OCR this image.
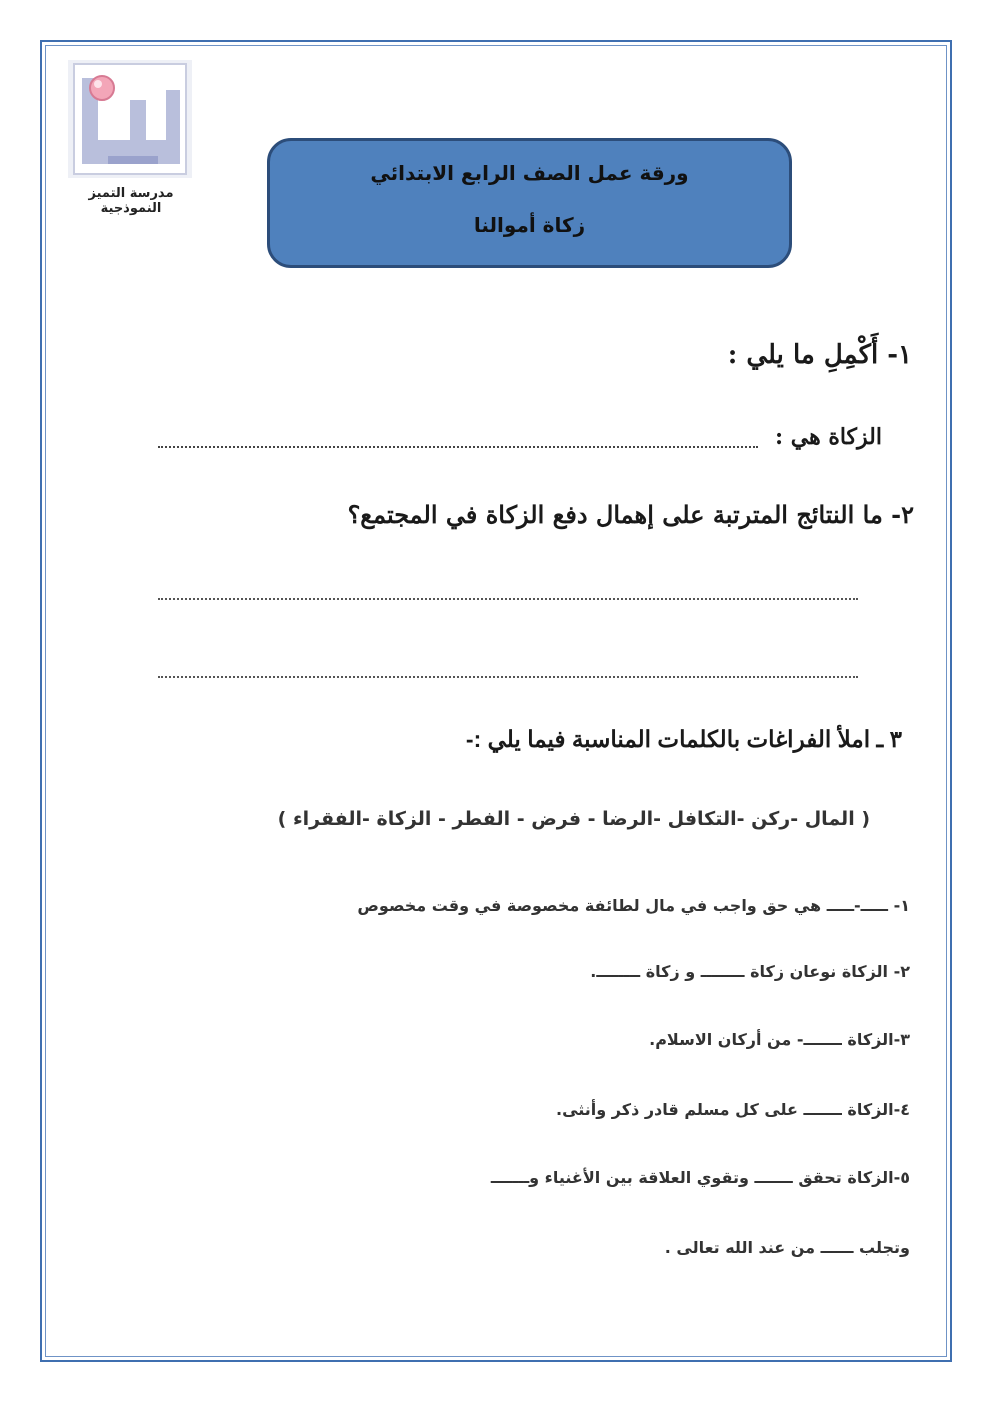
مدرسة التميز النموذجية
ورقة عمل الصف الرابع الابتدائي
زكاة أموالنا
١- أَكْمِلِ ما يلي :
الزكاة هي :
٢- ما النتائج المترتبة على إهمال دفع الزكاة في المجتمع؟
٣ ـ املأ الفراغات بالكلمات المناسبة فيما يلي :-
( المال -ركن -التكافل -الرضا - فرض - الفطر - الزكاة -الفقراء )
١- ـــــ-ـــــ هي حق واجب في مال لطائفة مخصوصة في وقت مخصوص
٢- الزكاة نوعان زكاة ــــــــ و زكاة ــــــــ.
٣-الزكاة ـــــــ- من أركان الاسلام.
٤-الزكاة ـــــــ على كل مسلم قادر ذكر وأنثى.
٥-الزكاة تحقق ـــــــ وتقوي العلاقة بين الأغنياء وـــــــ
وتجلب ــــــ من عند الله تعالى .
